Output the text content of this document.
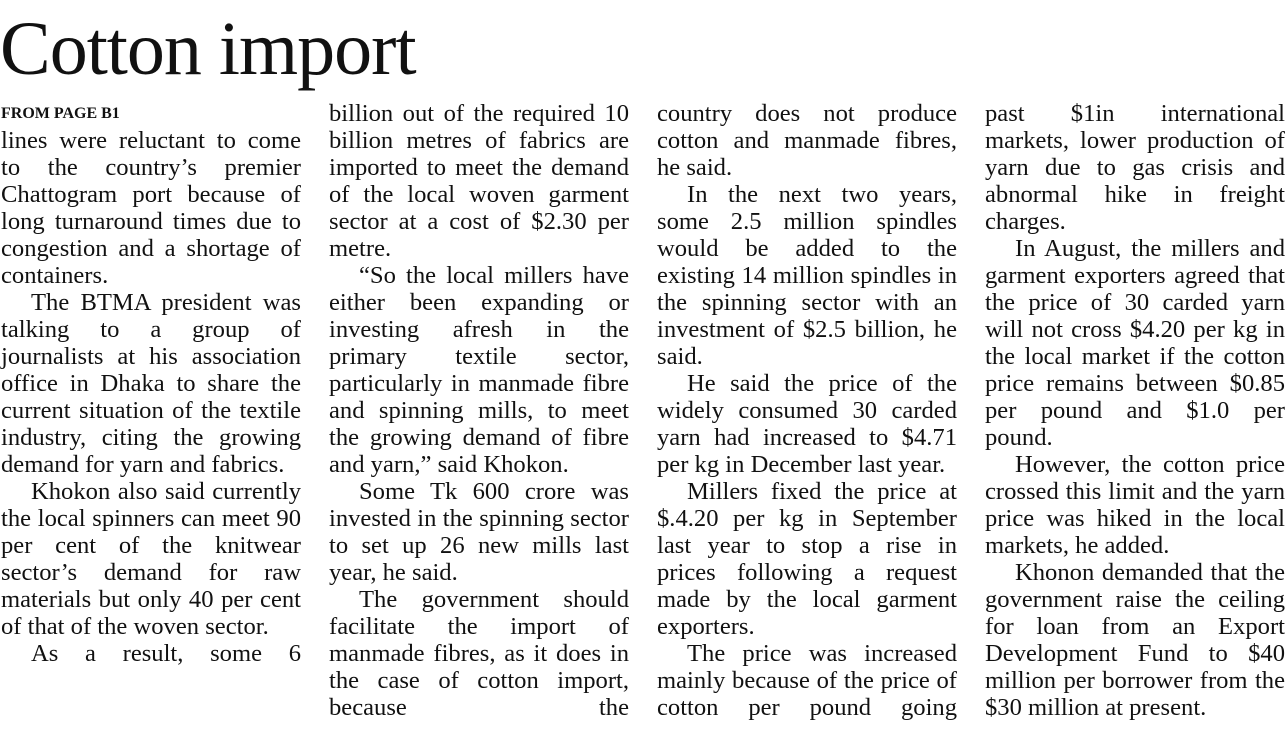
Cotton import
FROM PAGE B1

lines were reluctant to come to the country’s premier Chattogram port because of long turnaround times due to congestion and a shortage of containers.

The BTMA president was talking to a group of journalists at his association office in Dhaka to share the current situation of the textile industry, citing the growing demand for yarn and fabrics.

Khokon also said currently the local spinners can meet 90 per cent of the knitwear sector’s demand for raw materials but only 40 per cent of that of the woven sector.

As a result, some 6

billion out of the required 10 billion metres of fabrics are imported to meet the demand of the local woven garment sector at a cost of $2.30 per metre.

“So the local millers have either been expanding or investing afresh in the primary textile sector, particularly in manmade fibre and spinning mills, to meet the growing demand of fibre and yarn,” said Khokon.

Some Tk 600 crore was invested in the spinning sector to set up 26 new mills last year, he said.

The government should facilitate the import of manmade fibres, as it does in the case of cotton import, because the

country does not produce cotton and manmade fibres, he said.

In the next two years, some 2.5 million spindles would be added to the existing 14 million spindles in the spinning sector with an investment of $2.5 billion, he said.

He said the price of the widely consumed 30 carded yarn had increased to $4.71 per kg in December last year.

Millers fixed the price at $.4.20 per kg in September last year to stop a rise in prices following a request made by the local garment exporters.

The price was increased mainly because of the price of cotton per pound going

past $1in international markets, lower production of yarn due to gas crisis and abnormal hike in freight charges.

In August, the millers and garment exporters agreed that the price of 30 carded yarn will not cross $4.20 per kg in the local market if the cotton price remains between $0.85 per pound and $1.0 per pound.

However, the cotton price crossed this limit and the yarn price was hiked in the local markets, he added.

Khonon demanded that the government raise the ceiling for loan from an Export Development Fund to $40 million per borrower from the $30 million at present.
